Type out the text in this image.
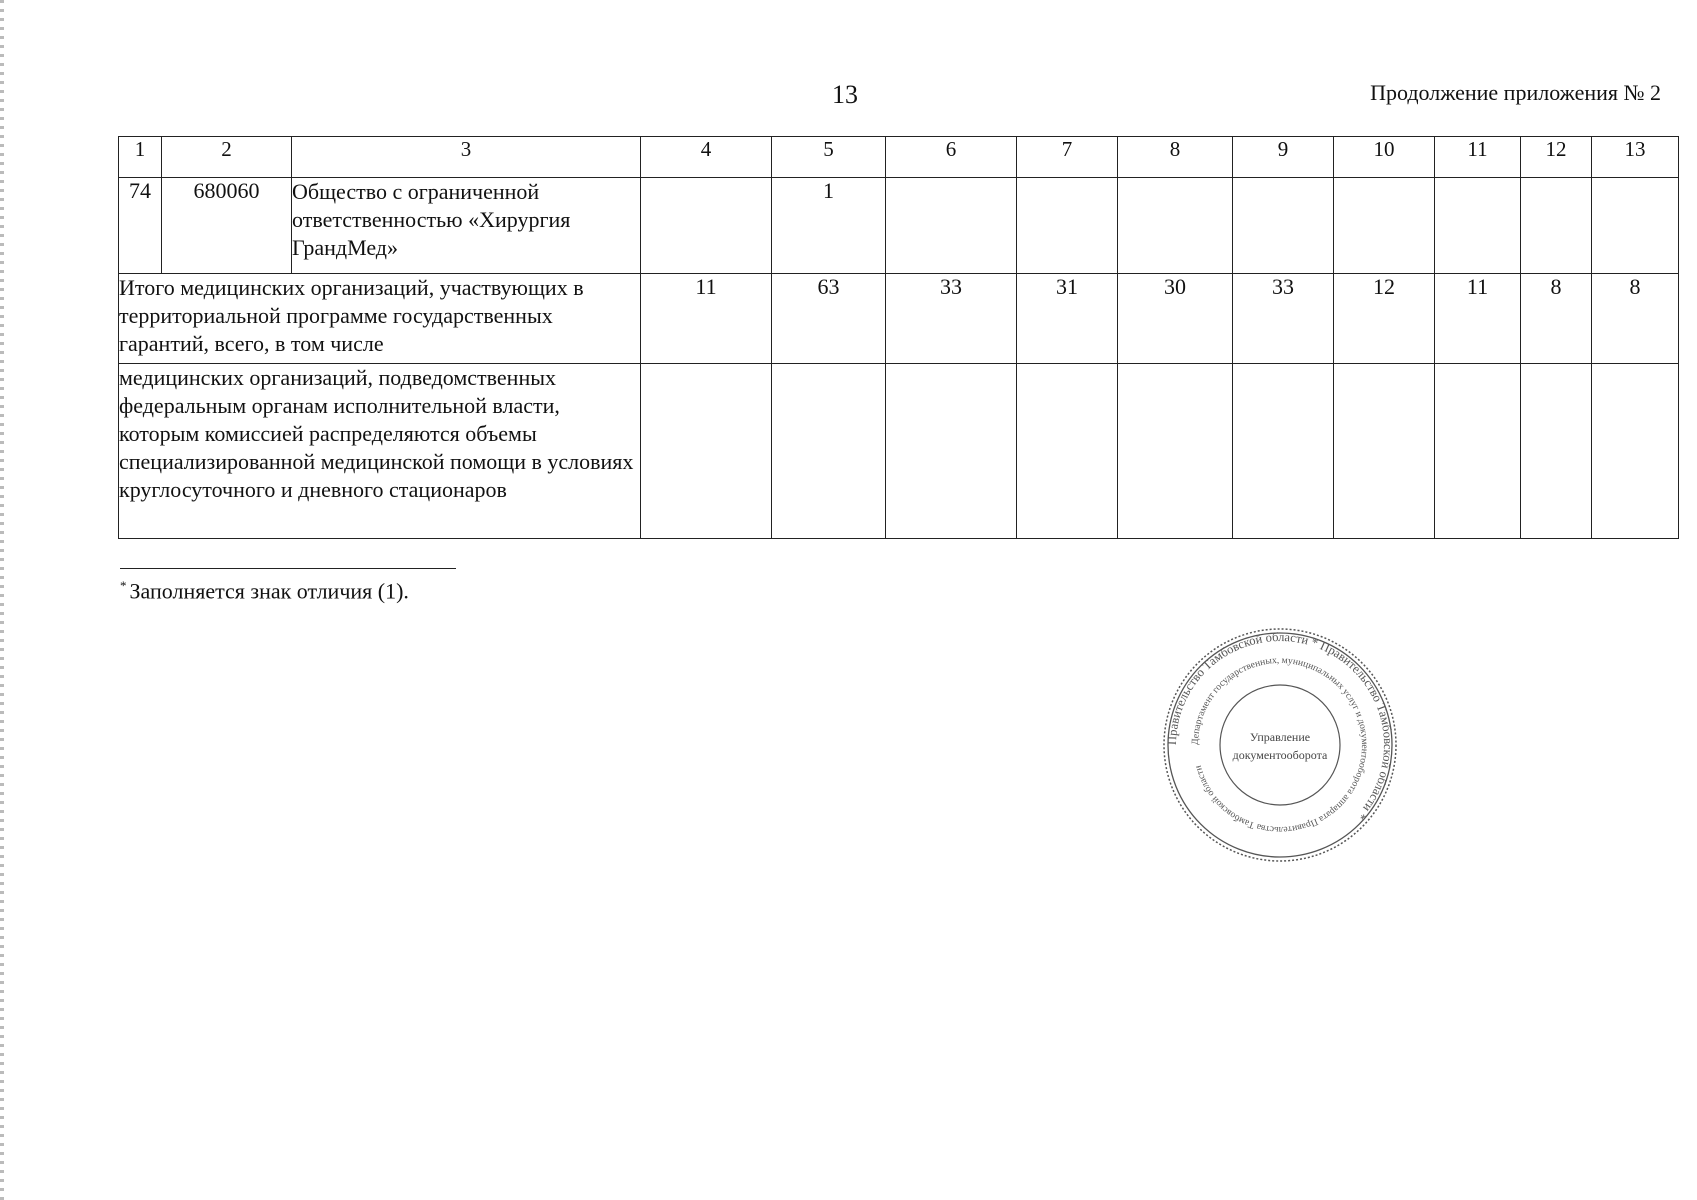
13	Продолжение приложения № 2
1	2	3	4	5	6	7	8	9	10	11	12	13
74	680060	Общество с ограниченной ответственностью «Хирургия ГрандМед»		1								
Итого медицинских организаций, участвующих в территориальной программе государственных гарантий, всего, в том числе			11	63	33	31	30	33	12	11	8	8
медицинских организаций, подведомственных федеральным органам исполнительной власти, которым комиссией распределяются объемы специализированной медицинской помощи в условиях круглосуточного и дневного стационаров												
* Заполняется знак отличия (1).
Правительство Тамбовской области * Правительство Тамбовской области *
Департамент государственных, муниципальных услуг и документооборота аппарата Правительства Тамбовской области
Управление
документооборота
